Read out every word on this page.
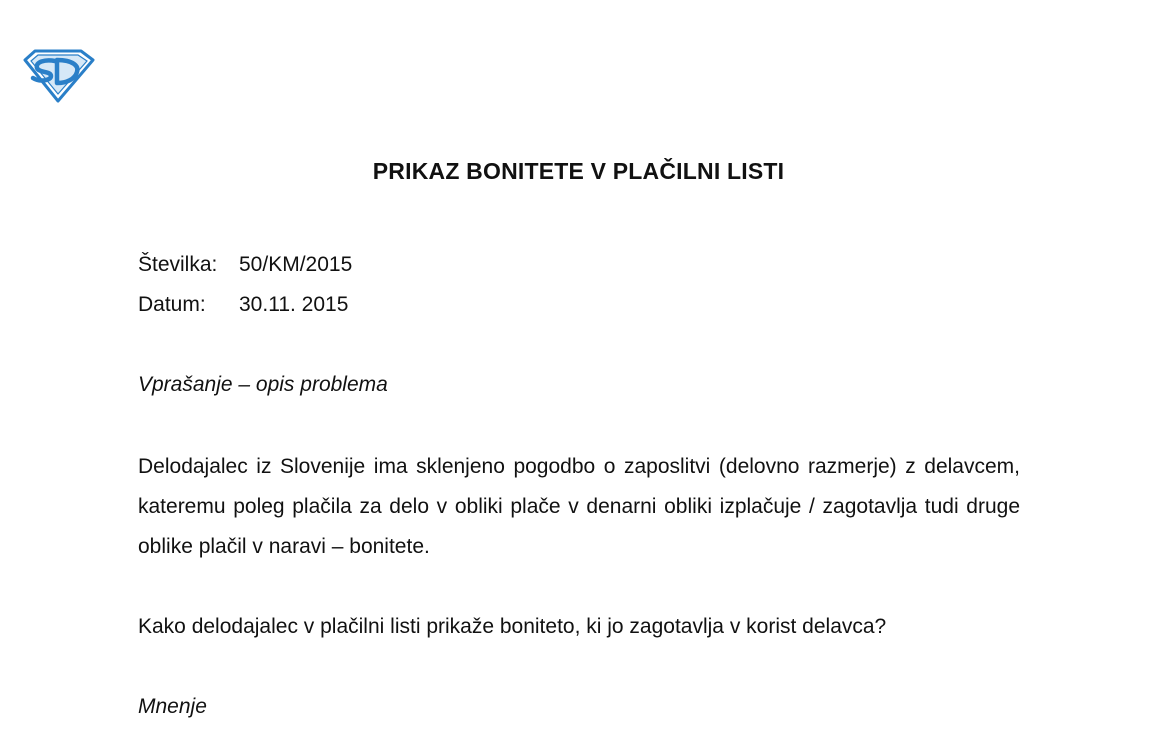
PRIKAZ BONITETE V PLAČILNI LISTI
Številka:	50/KM/2015
Datum:	30.11. 2015
Vprašanje – opis problema
Delodajalec iz Slovenije ima sklenjeno pogodbo o zaposlitvi (delovno razmerje) z delavcem, kateremu poleg plačila za delo v obliki plače v denarni obliki izplačuje / zagotavlja tudi druge oblike plačil v naravi – bonitete.
Kako delodajalec v plačilni listi prikaže boniteto, ki jo zagotavlja v korist delavca?
Mnenje
